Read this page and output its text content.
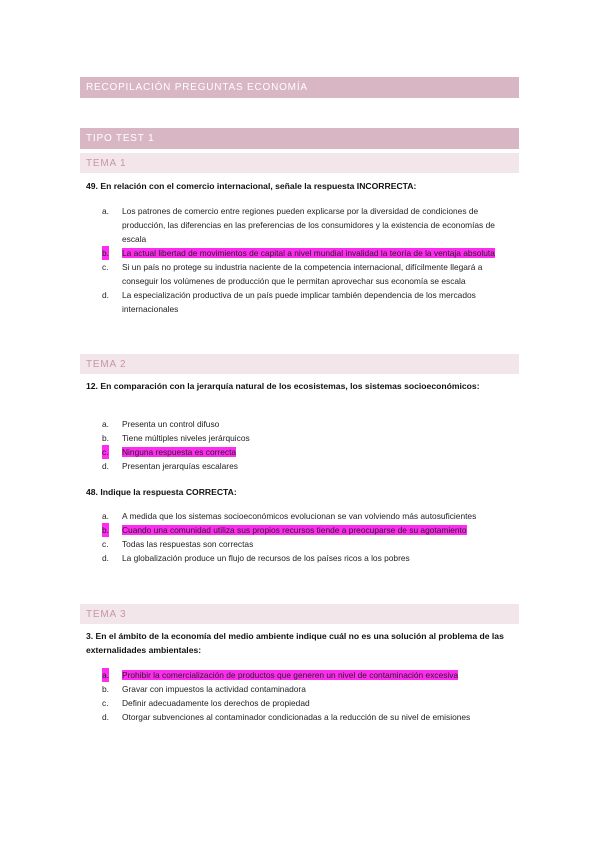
RECOPILACIÓN PREGUNTAS ECONOMÍA
TIPO TEST 1
TEMA 1
49. En relación con el comercio internacional, señale la respuesta INCORRECTA:
a. Los patrones de comercio entre regiones pueden explicarse por la diversidad de condiciones de producción, las diferencias en las preferencias de los consumidores y la existencia de economías de escala
b. La actual libertad de movimientos de capital a nivel mundial invalidad la teoría de la ventaja absoluta
c. Si un país no protege su industria naciente de la competencia internacional, difícilmente llegará a conseguir los volúmenes de producción que le permitan aprovechar sus economía se escala
d. La especialización productiva de un país puede implicar también dependencia de los mercados internacionales
TEMA 2
12. En comparación con la jerarquía natural de los ecosistemas, los sistemas socioeconómicos:
a. Presenta un control difuso
b. Tiene múltiples niveles jerárquicos
c. Ninguna respuesta es correcta
d. Presentan jerarquías escalares
48. Indique la respuesta CORRECTA:
a. A medida que los sistemas socioeconómicos evolucionan se van volviendo más autosuficientes
b. Cuando una comunidad utiliza sus propios recursos tiende a preocuparse de su agotamiento
c. Todas las respuestas son correctas
d. La globalización produce un flujo de recursos de los países ricos a los pobres
TEMA 3
3. En el ámbito de la economía del medio ambiente indique cuál no es una solución al problema de las externalidades ambientales:
a. Prohibir la comercialización de productos que generen un nivel de contaminación excesiva
b. Gravar con impuestos la actividad contaminadora
c. Definir adecuadamente los derechos de propiedad
d. Otorgar subvenciones al contaminador condicionadas a la reducción de su nivel de emisiones
